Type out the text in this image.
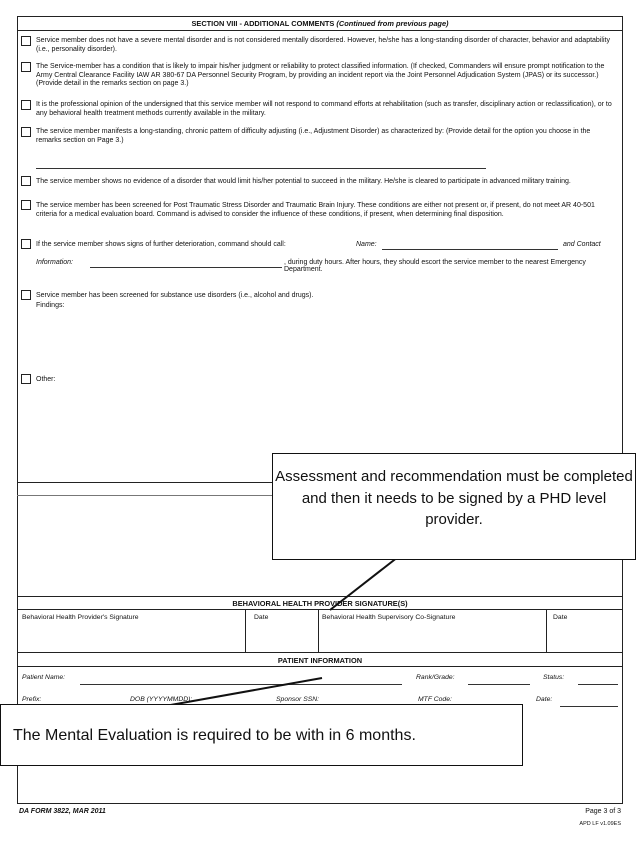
SECTION VIII - ADDITIONAL COMMENTS (Continued from previous page)
Service member does not have a severe mental disorder and is not considered mentally disordered. However, he/she has a long-standing disorder of character, behavior and adaptability (i.e., personality disorder).
The Service-member has a condition that is likely to impair his/her judgment or reliability to protect classified information. (If checked, Commanders will ensure prompt notification to the Army Central Clearance Facility IAW AR 380-67 DA Personnel Security Program, by providing an incident report via the Joint Personnel Adjudication System (JPAS) or its successor.) (Provide detail in the remarks section on page 3.)
It is the professional opinion of the undersigned that this service member will not respond to command efforts at rehabilitation (such as transfer, disciplinary action or reclassification), or to any behavioral health treatment methods currently available in the military.
The service member manifests a long-standing, chronic pattern of difficulty adjusting (i.e., Adjustment Disorder) as characterized by: (Provide detail for the option you choose in the remarks section on Page 3.)
The service member shows no evidence of a disorder that would limit his/her potential to succeed in the military. He/she is cleared to participate in advanced military training.
The service member has been screened for Post Traumatic Stress Disorder and Traumatic Brain Injury. These conditions are either not present or, if present, do not meet AR 40-501 criteria for a medical evaluation board. Command is advised to consider the influence of these conditions, if present, when determining final disposition.
If the service member shows signs of further deterioration, command should call:	Name:	and Contact
Information:	, during duty hours. After hours, they should escort the service member to the nearest Emergency Department.
Service member has been screened for substance use disorders (i.e., alcohol and drugs).
Findings:
Other:
BEHAVIORAL HEALTH PROVIDER SIGNATURE(S)
Behavioral Health Provider's Signature	Date	Behavioral Health Supervisory Co-Signature	Date
PATIENT INFORMATION
Patient Name:	Rank/Grade:	Status:
Prefix:	DOB (YYYYMMDD):	Sponsor SSN:	MTF Code:	Date:
DA FORM 3822, MAR 2011	Page 3 of 3
APD LF v1.09ES
Assessment and recommendation must be completed and then it needs to be signed by a PHD level provider.
The Mental Evaluation is required to be with in 6 months.
